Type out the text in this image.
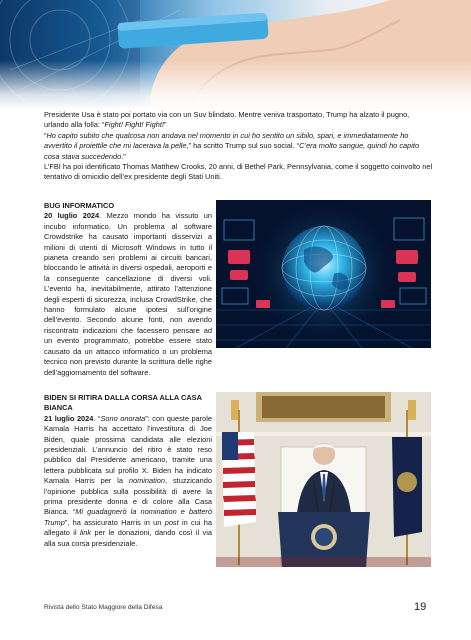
Presidente Usa è stato poi portato via con un Suv blindato. Mentre veniva trasportato, Trump ha alzato il pugno, urlando alla folla: “Fight! Fight! Fight!”

“Ho capito subito che qualcosa non andava nel momento in cui ho sentito un sibilo, spari, e immediatamente ho avvertito il proiettile che mi lacerava la pelle,” ha scritto Trump sul suo social. “C’era molto sangue, quindi ho capito cosa stava succedendo.”

L’FBI ha poi identificato Thomas Matthew Crooks, 20 anni, di Bethel Park, Pennsylvania, come il soggetto coinvolto nel tentativo di omicidio dell’ex presidente degli Stati Uniti.

BUG INFORMATICO

20 luglio 2024. Mezzo mondo ha vissuto un incubo informatico. Un problema al software Crowdstrike ha causato importanti disservizi a milioni di utenti di Microsoft Windows in tutto il pianeta creando seri problemi ai circuiti bancari, bloccando le attività in diversi ospedali, aeroporti e la conseguente cancellazione di diversi voli. L’evento ha, inevitabilmente, attirato l’attenzione degli esperti di sicurezza, inclusa CrowdStrike, che hanno formulato alcune ipotesi sull’origine dell’evento. Secondo alcune fonti, non avendo riscontrato indicazioni che facessero pensare ad un evento programmato, potrebbe essere stato causato da un attacco informatico o un problema tecnico non previsto durante la scrittura delle righe dell’aggiornamento del software.

BIDEN SI RITIRA DALLA CORSA ALLA CASA BIANCA

21 luglio 2024. “Sono onorata”: con queste parole Kamala Harris ha accettato l’investitura di Joe Biden, quale prossima candidata alle elezioni presidenziali. L’annuncio del ritiro è stato reso pubblico dal Presidente americano, tramite una lettera pubblicata sul profilo X. Biden ha indicato Kamala Harris per la nomination, stuzzicando l’opinione pubblica sulla possibilità di avere la prima presidente donna e di colore alla Casa Bianca. “Mi guadagnerò la nomination e batterò Trump”, ha assicurato Harris in un post in cui ha allegato il link per le donazioni, dando così il via alla sua corsa presidenziale.

Rivista dello Stato Maggiore della Difesa	19
